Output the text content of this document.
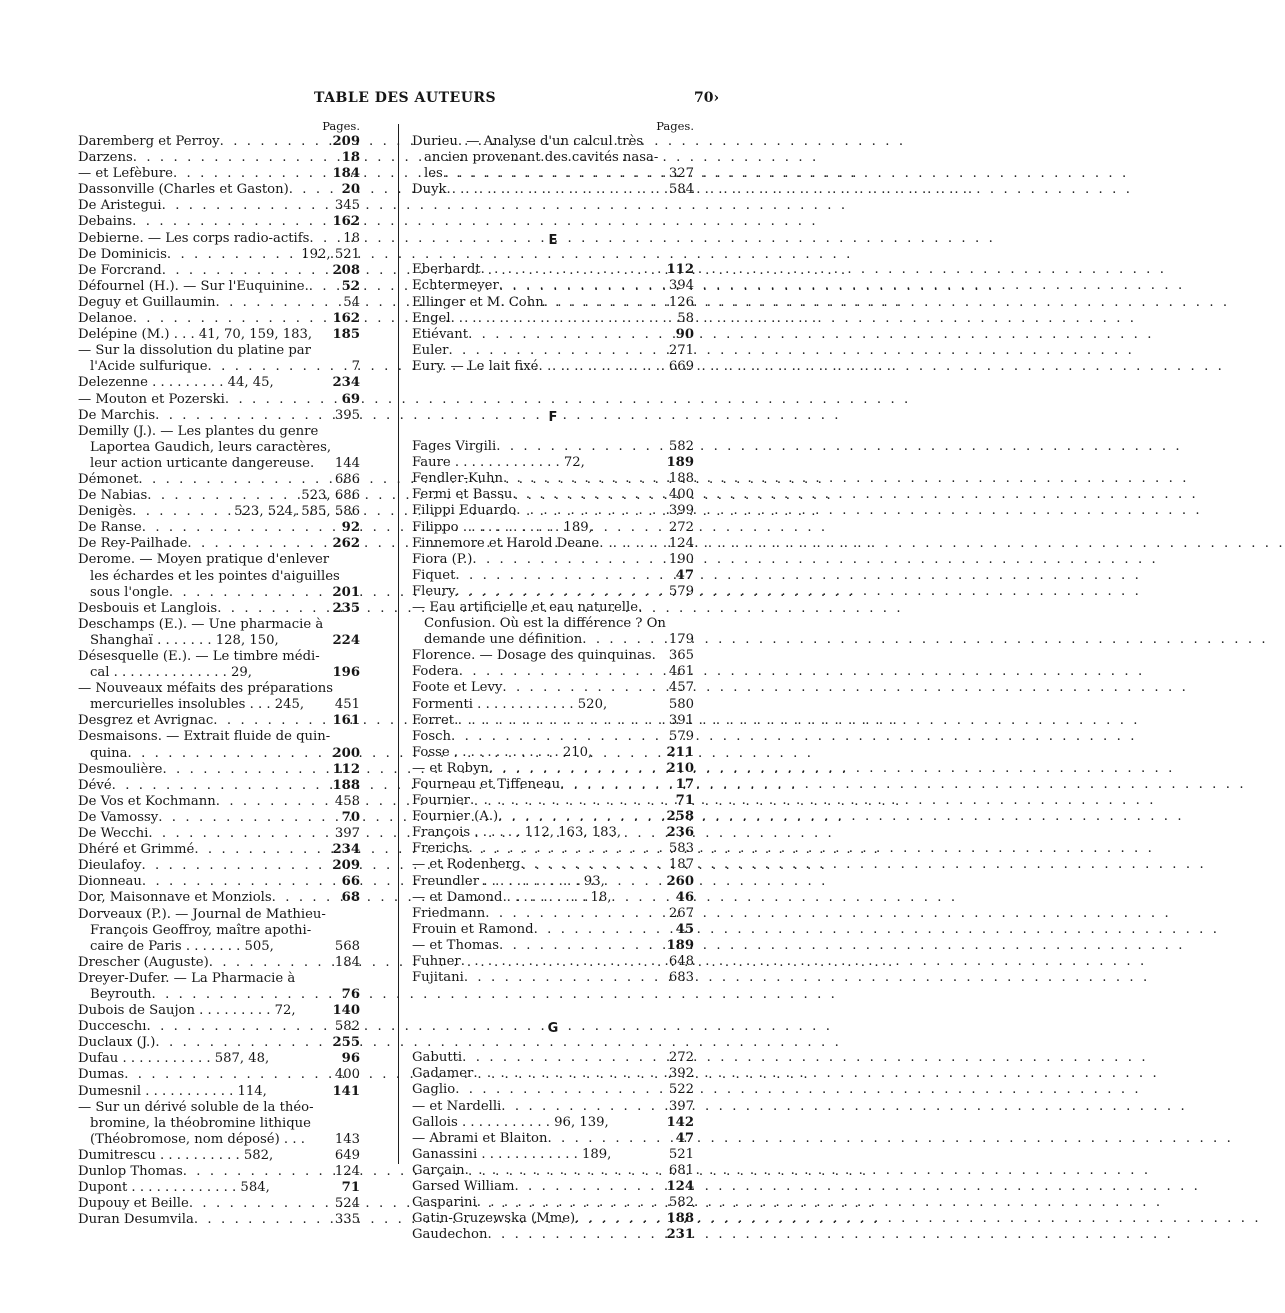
TABLE DES AUTEURS	70›
Pages.
Daremberg et Perroy . . .	209
Darzens . . .	18
— et Lefèbure . . .	184
Dassonville (Charles et Gaston) . . .	20
De Aristegui . . .	345
Debains . . .	162
Debierne. — Les corps radio-actifs . . .	18
De Dominicis . . .	192, 521
De Forcrand . . .	208
Défournel (H.). — Sur l'Euquinine. . . . 52
Deguy et Guillaumin . . .	54
Delanoe . . .	162
Delépine (M.) . . . 41, 70, 159, 183, 185
— Sur la dissolution du platine par
l'Acide sulfurique . . .	7
Delezenne . . . . . . . . . 44, 45,	234
— Mouton et Pozerski . . .	69
De Marchis . . .	395
Demilly (J.). — Les plantes du genre
Laportea Gaudich, leurs caractères,
leur action urticante dangereuse. 144
Démonet . . .	686
De Nabias . . .	523, 686
Denigès . . .	523, 524, 585, 586
De Ranse . . .	92
De Rey-Pailhade . . .	262
Derome. — Moyen pratique d'enlever
les échardes et les pointes d'aiguilles
sous l'ongle . . .	201
Desbouis et Langlois . . .	235
Deschamps (E.). — Une pharmacie à
Shanghaï . . . . . . . 128, 150,	224
Désesquelle (E.). — Le timbre médi-
cal . . . . . . . . . . . . . . 29,	196
— Nouveaux méfaits des préparations
mercurielles insolubles . . . 245, 451
Desgrez et Avrignac . . .	161
Desmaisons. — Extrait fluide de quin-
quina . . .	200
Desmoulière . . .	112
Dévé . . .	188
De Vos et Kochmann . . .	458
De Vamossy . . .	70
De Wecchi . . .	397
Dhéré et Grimmé . . .	234
Dieulafoy . . .	209
Dionneau . . .	66
Dor, Maisonnave et Monziols . . .	68
Dorveaux (P.). — Journal de Mathieu-
François Geoffroy, maître apothi-
caire de Paris . . . . . . . 505,	568
Drescher (Auguste) . . .	184
Dreyer-Dufer. — La Pharmacie à
Beyrouth . . .	76
Dubois de Saujon . . . . . . . . . 72,	140
Ducceschı . . .	582
Duclaux (J.) . . .	255
Dufau . . . . . . . . . . . 587, 48,	96
Dumas . . .	400
Dumesnil . . . . . . . . . . . 114,	141
— Sur un dérivé soluble de la théo-
bromine, la théobromine lithique
(Théobromose, nom déposé) . . . 143
Dumitrescu . . . . . . . . . . 582,	649
Dunlop Thomas . . .	124
Dupont . . . . . . . . . . . . . 584,	71
Dupouy et Beille . . .	524
Duran Desumvila . . .	335
Pages.
Durieu. — Analyse d'un calcul très
ancien provenant des cavités nasa-
les . . .	327
Duyk . . .	584
E
Eberhardt . . .	112
Echtermeyer . . .	394
Ellinger et M. Cohn . . .	126
Engel . . .	58
Etiévant . . .	90
Euler . . .	271
Eury. — Le lait fixé . . .	669
F
Fages Virgili . . .	582
Faure . . . . . . . . . . . . . 72,	189
Fendler-Kuhn . . .	188
Fermi et Bassu . . .	400
Filippi Eduardo . . .	399
Filippo . . . . . . . . . . . . 189,	272
Finnemore et Harold Deane . . .	124
Fiora (P.) . . .	190
Fiquet . . .	47
Fleury . . .	579
— Eau artificielle et eau naturelle.
Confusion. Où est la différence ? On
demande une définition . . .	179
Florence. — Dosage des quinquinas. 365
Fodera . . .	461
Foote et Levy . . .	457
Formenti . . . . . . . . . . . . 520,	580
Forret . . .	391
Fosch . . .	579
Fosse . . . . . . . . . . . . . 210,	211
— et Robyn . . .	210
Fourneau et Tiffeneau . . .	17
Fournier . . .	71
Fournier (A.) . . .	258
François . . . . . . 112, 163, 183,	236
Frerichs . . .	583
— et Rodenberg . . .	187
Freundler . . . . . . . . . . . . 93,	260
— et Damond . . . . . . . . . . 18,	46
Friedmann . . .	267
Frouin et Ramond . . .	45
— et Thomas . . .	189
Fuhner . . .	648
Fujitani . . .	683
G
Gabutti . . .	272
Gadamer . . .	392
Gaglio . . .	522
— et Nardelli . . .	397
Gallois . . . . . . . . . . . 96, 139,	142
— Abrami et Blaiton . . .	47
Ganassini . . . . . . . . . . . . 189,	521
Garçain . . .	681
Garsed William . . .	124
Gasparini . . .	582
Gatin-Gruzewska (Mme) . . .	188
Gaudechon . . .	231
